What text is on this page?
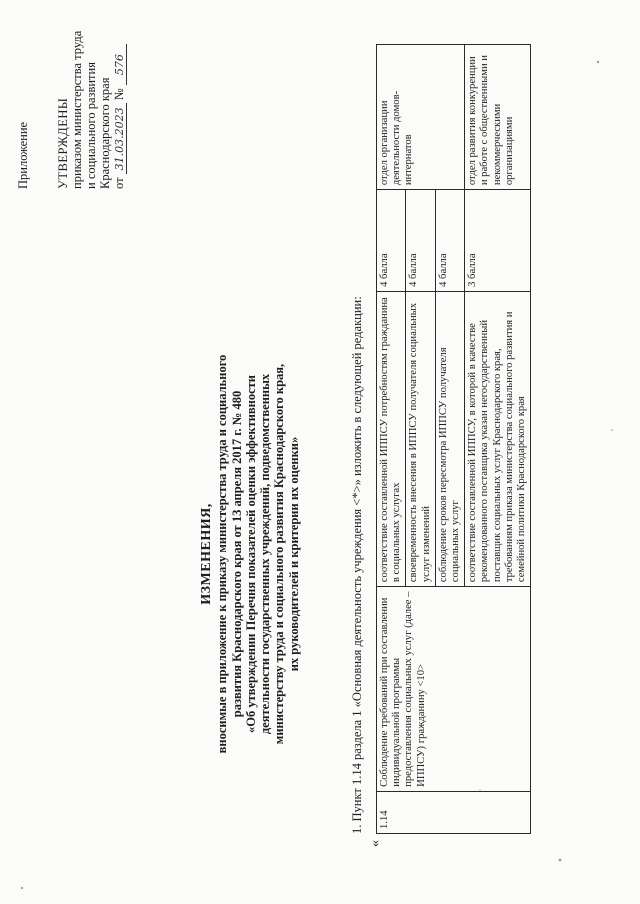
Приложение УТВЕРЖДЕНЫ приказом министерства труда и социального развития Краснодарского края от 31.03.2023 № 576
ИЗМЕНЕНИЯ, вносимые в приложение к приказу министерства труда и социального развития Краснодарского края от 13 апреля 2017 г. № 480 «Об утверждении Перечня показателей оценки эффективности деятельности государственных учреждений, подведомственных министерству труда и социального развития Краснодарского края, их руководителей и критерии их оценки»	1. Пункт 1.14 раздела 1 «Основная деятельность учреждения <*>» изложить в следующей редакции:
«
1.14	Соблюдение требований при составлении индивидуальной программы предоставления социальных услуг (далее – ИППСУ) гражданину <10>	соответствие составленной ИППСУ потребностям гражданина в социальных услугах	4 балла	отдел организации деятельности домов-интернатов
		своевременность внесения в ИППСУ получателя социальных услуг изменений	4 балла	
		соблюдение сроков пересмотра ИППСУ получателя социальных услуг	4 балла	
		соответствие составленной ИППСУ, в которой в качестве рекомендованного поставщика указан негосударственный поставщик социальных услуг Краснодарского края, требованиям приказа министерства социального развития и семейной политики Краснодарского края	3 балла	отдел развития конкуренции и работе с общественными и некоммерческими организациями
